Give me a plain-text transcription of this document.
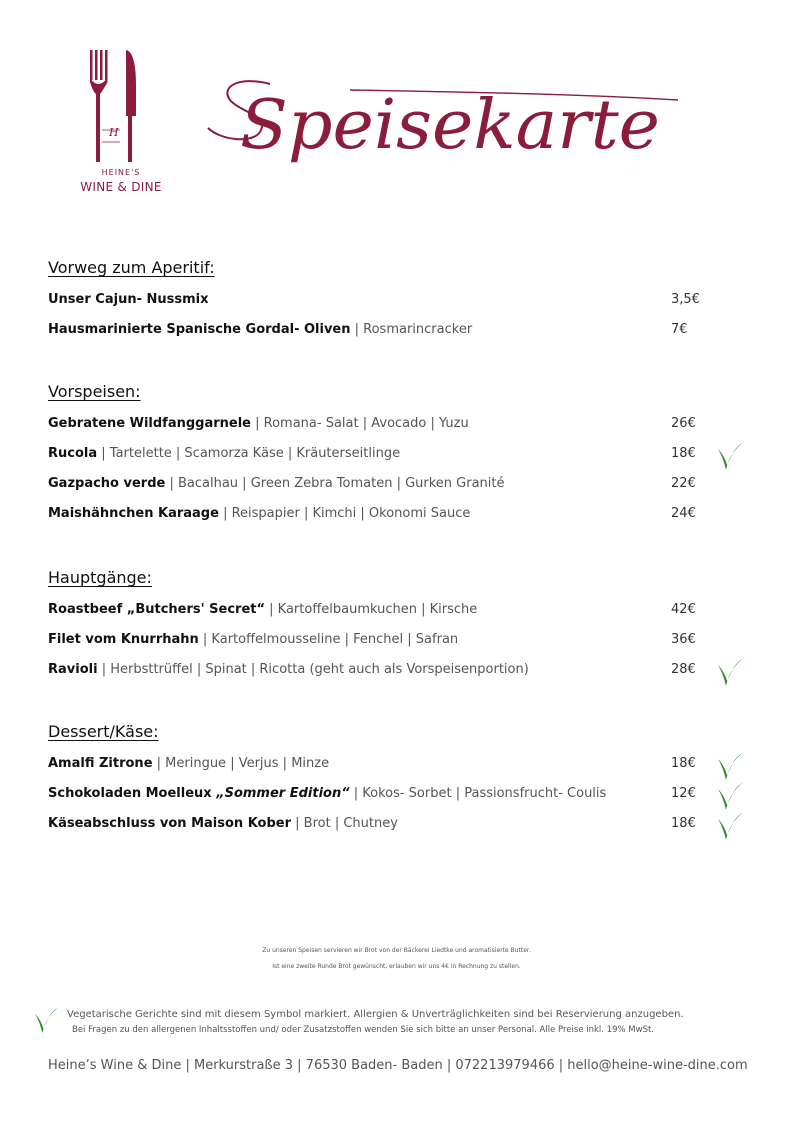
H
HEINE'S
WINE & DINE
Speisekarte
Vorweg zum Aperitif:
Unser Cajun- Nussmix	3,5€
Hausmarinierte Spanische Gordal- Oliven | Rosmarincracker	7€
Vorspeisen:
Gebratene Wildfanggarnele | Romana- Salat | Avocado | Yuzu	26€
Rucola | Tartelette | Scamorza Käse | Kräuterseitlinge	18€
Gazpacho verde | Bacalhau | Green Zebra Tomaten | Gurken Granité	22€
Maishähnchen Karaage | Reispapier | Kimchi | Okonomi Sauce	24€
Hauptgänge:
Roastbeef „Butchers' Secret“ | Kartoffelbaumkuchen | Kirsche	42€
Filet vom Knurrhahn | Kartoffelmousseline | Fenchel | Safran	36€
Ravioli | Herbsttrüffel | Spinat | Ricotta (geht auch als Vorspeisenportion)	28€
Dessert/Käse:
Amalfi Zitrone | Meringue | Verjus | Minze	18€
Schokoladen Moelleux „Sommer Edition“ | Kokos- Sorbet | Passionsfrucht- Coulis	12€
Käseabschluss von Maison Kober | Brot | Chutney	18€
Zu unseren Speisen servieren wir Brot von der Bäckerei Liedtke und aromatisierte Butter.
Ist eine zweite Runde Brot gewünscht, erlauben wir uns 4€ in Rechnung zu stellen.
Vegetarische Gerichte sind mit diesem Symbol markiert. Allergien & Unverträglichkeiten sind bei Reservierung anzugeben.
Bei Fragen zu den allergenen Inhaltsstoffen und/ oder Zusatzstoffen wenden Sie sich bitte an unser Personal. Alle Preise inkl. 19% MwSt.
Heine’s Wine & Dine | Merkurstraße 3 | 76530 Baden- Baden | 072213979466 | hello@heine-wine-dine.com
